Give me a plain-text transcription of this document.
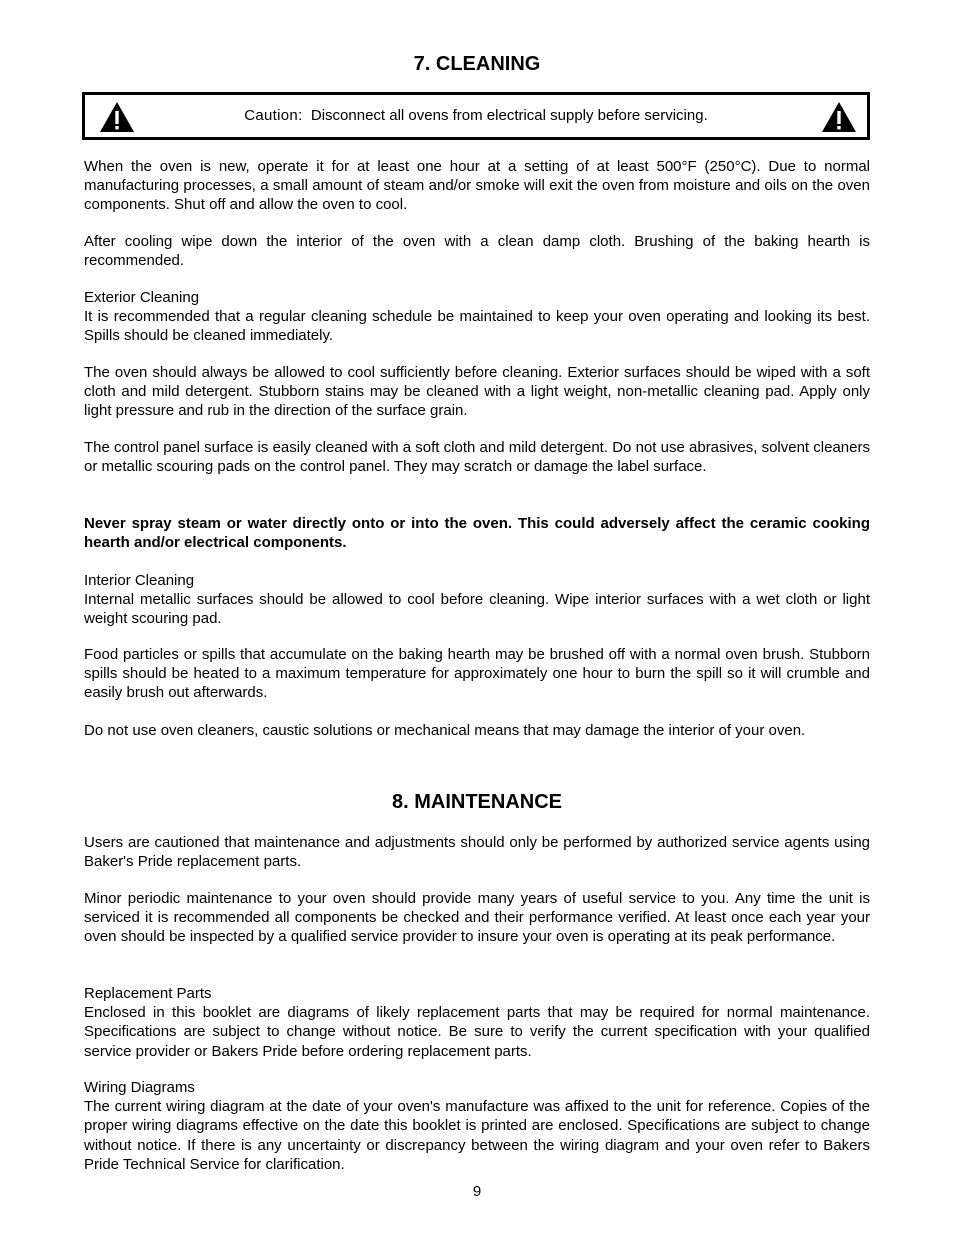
7. CLEANING
Caution: Disconnect all ovens from electrical supply before servicing.
When the oven is new, operate it for at least one hour at a setting of at least 500°F (250°C). Due to normal manufacturing processes, a small amount of steam and/or smoke will exit the oven from moisture and oils on the oven components. Shut off and allow the oven to cool.
After cooling wipe down the interior of the oven with a clean damp cloth. Brushing of the baking hearth is recommended.
Exterior Cleaning
It is recommended that a regular cleaning schedule be maintained to keep your oven operating and looking its best. Spills should be cleaned immediately.
The oven should always be allowed to cool sufficiently before cleaning. Exterior surfaces should be wiped with a soft cloth and mild detergent. Stubborn stains may be cleaned with a light weight, non-metallic cleaning pad. Apply only light pressure and rub in the direction of the surface grain.
The control panel surface is easily cleaned with a soft cloth and mild detergent. Do not use abrasives, solvent cleaners or metallic scouring pads on the control panel. They may scratch or damage the label surface.
Never spray steam or water directly onto or into the oven. This could adversely affect the ceramic cooking hearth and/or electrical components.
Interior Cleaning
Internal metallic surfaces should be allowed to cool before cleaning. Wipe interior surfaces with a wet cloth or light weight scouring pad.
Food particles or spills that accumulate on the baking hearth may be brushed off with a normal oven brush. Stubborn spills should be heated to a maximum temperature for approximately one hour to burn the spill so it will crumble and easily brush out afterwards.
Do not use oven cleaners, caustic solutions or mechanical means that may damage the interior of your oven.
8. MAINTENANCE
Users are cautioned that maintenance and adjustments should only be performed by authorized service agents using Baker's Pride replacement parts.
Minor periodic maintenance to your oven should provide many years of useful service to you. Any time the unit is serviced it is recommended all components be checked and their performance verified. At least once each year your oven should be inspected by a qualified service provider to insure your oven is operating at its peak performance.
Replacement Parts
Enclosed in this booklet are diagrams of likely replacement parts that may be required for normal maintenance. Specifications are subject to change without notice. Be sure to verify the current specification with your qualified service provider or Bakers Pride before ordering replacement parts.
Wiring Diagrams
The current wiring diagram at the date of your oven's manufacture was affixed to the unit for reference. Copies of the proper wiring diagrams effective on the date this booklet is printed are enclosed. Specifications are subject to change without notice. If there is any uncertainty or discrepancy between the wiring diagram and your oven refer to Bakers Pride Technical Service for clarification.
9
